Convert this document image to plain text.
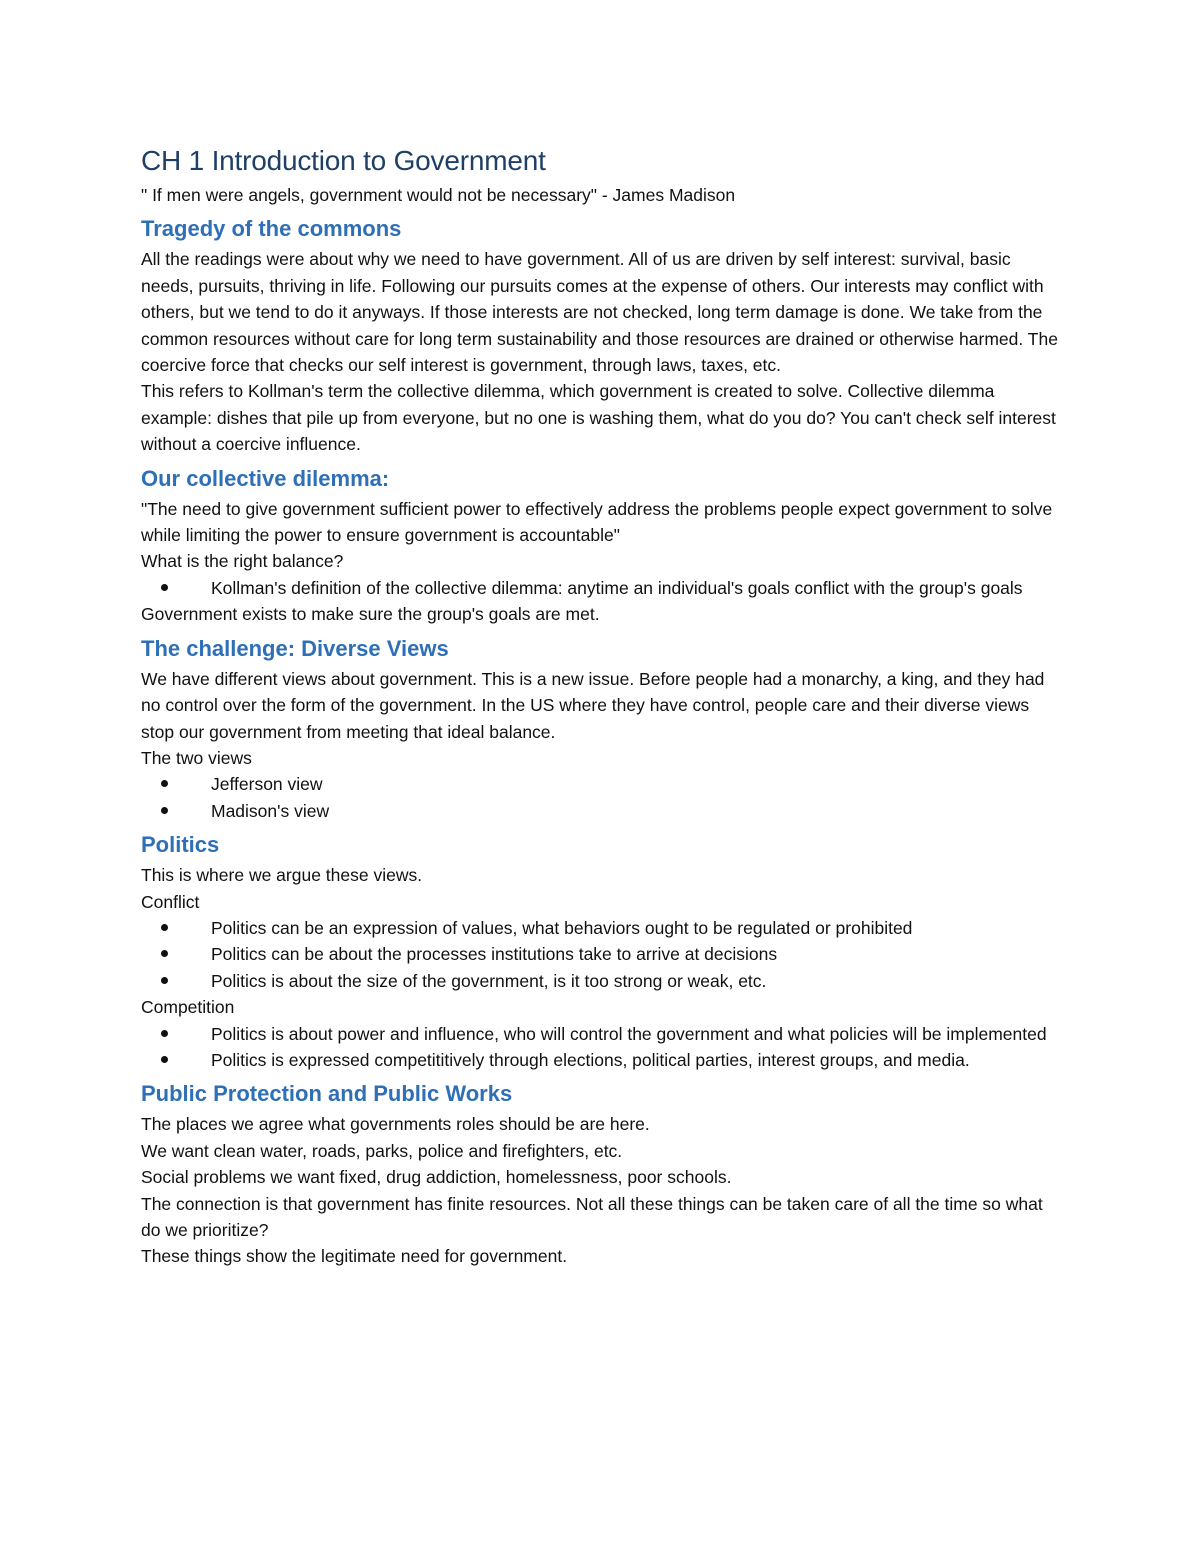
CH 1 Introduction to Government

" If men were angels, government would not be necessary" - James Madison

Tragedy of the commons

All the readings were about why we need to have government. All of us are driven by self interest: survival, basic needs, pursuits, thriving in life. Following our pursuits comes at the expense of others. Our interests may conflict with others, but we tend to do it anyways. If those interests are not checked, long term damage is done. We take from the common resources without care for long term sustainability and those resources are drained or otherwise harmed. The coercive force that checks our self interest is government, through laws, taxes, etc.

This refers to Kollman's term the collective dilemma, which government is created to solve. Collective dilemma example: dishes that pile up from everyone, but no one is washing them, what do you do? You can't check self interest without a coercive influence.

Our collective dilemma:

"The need to give government sufficient power to effectively address the problems people expect government to solve while limiting the power to ensure government is accountable"

What is the right balance?

Kollman's definition of the collective dilemma: anytime an individual's goals conflict with the group's goals

Government exists to make sure the group's goals are met.

The challenge: Diverse Views

We have different views about government. This is a new issue. Before people had a monarchy, a king, and they had no control over the form of the government. In the US where they have control, people care and their diverse views stop our government from meeting that ideal balance.

The two views

Jefferson view
Madison's view
Politics

This is where we argue these views.

Conflict

Politics can be an expression of values, what behaviors ought to be regulated or prohibited
Politics can be about the processes institutions take to arrive at decisions
Politics is about the size of the government, is it too strong or weak, etc.

Competition

Politics is about power and influence, who will control the government and what policies will be implemented
Politics is expressed competititively through elections, political parties, interest groups, and media.
Public Protection and Public Works

The places we agree what governments roles should be are here.

We want clean water, roads, parks, police and firefighters, etc.

Social problems we want fixed, drug addiction, homelessness, poor schools.

The connection is that government has finite resources. Not all these things can be taken care of all the time so what do we prioritize?

These things show the legitimate need for government.
